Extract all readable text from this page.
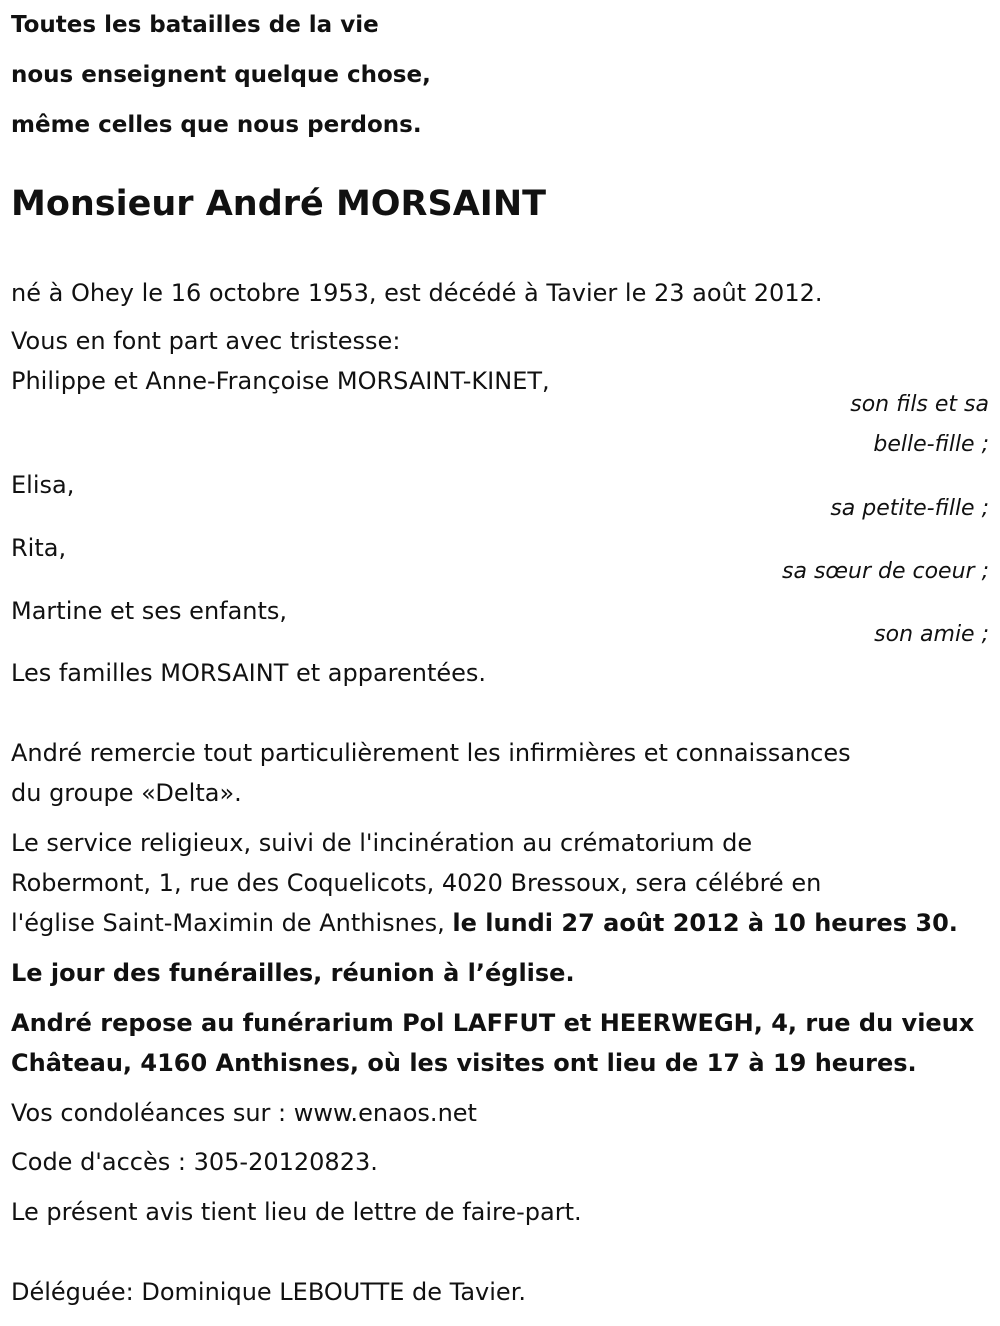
Toutes les batailles de la vie

nous enseignent quelque chose,

même celles que nous perdons.

Monsieur André MORSAINT

né à Ohey le 16 octobre 1953, est décédé à Tavier le 23 août 2012.

Vous en font part avec tristesse:

Philippe et Anne-Françoise MORSAINT-KINET,

son fils et sa

belle-fille ;

Elisa,

sa petite-fille ;

Rita,

sa sœur de coeur ;

Martine et ses enfants,

son amie ;

Les familles MORSAINT et apparentées.

André remercie tout particulièrement les infirmières et connaissances

du groupe «Delta».

Le service religieux, suivi de l'incinération au crématorium de

Robermont, 1, rue des Coquelicots, 4020 Bressoux, sera célébré en

l'église Saint-Maximin de Anthisnes, le lundi 27 août 2012 à 10 heures 30.

Le jour des funérailles, réunion à l’église.

André repose au funérarium Pol LAFFUT et HEERWEGH, 4, rue du vieux

Château, 4160 Anthisnes, où les visites ont lieu de 17 à 19 heures.

Vos condoléances sur : www.enaos.net

Code d'accès : 305-20120823.

Le présent avis tient lieu de lettre de faire-part.

Déléguée: Dominique LEBOUTTE de Tavier.
